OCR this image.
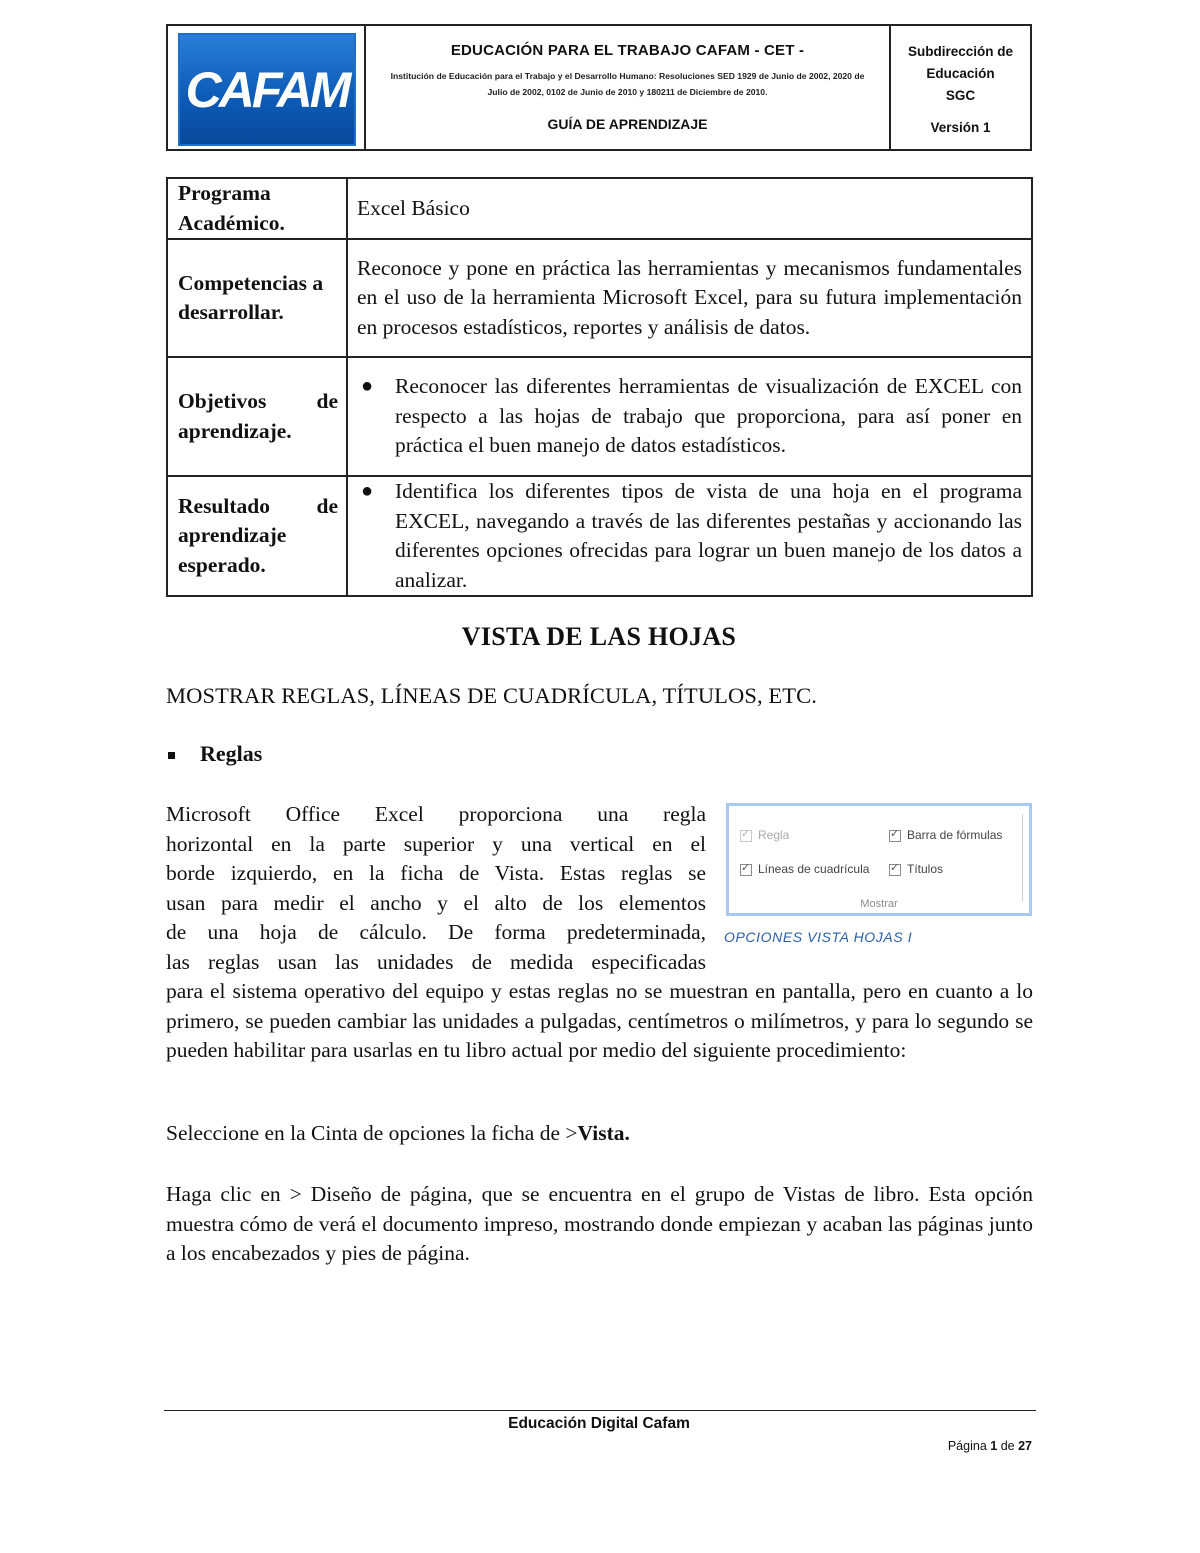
CAFAM
EDUCACIÓN PARA EL TRABAJO CAFAM - CET -
Institución de Educación para el Trabajo y el Desarrollo Humano: Resoluciones SED 1929 de Junio de 2002, 2020 de Julio de 2002, 0102 de Junio de 2010 y 180211 de Diciembre de 2010.
GUÍA DE APRENDIZAJE
Subdirección de
Educación
SGC
Versión 1
Programa Académico.	Excel Básico
Competencias a desarrollar.	Reconoce y pone en práctica las herramientas y mecanismos fundamentales en el uso de la herramienta Microsoft Excel, para su futura implementación en procesos estadísticos, reportes y análisis de datos.
Objetivos de aprendizaje.	● Reconocer las diferentes herramientas de visualización de EXCEL con respecto a las hojas de trabajo que proporciona, para así poner en práctica el buen manejo de datos estadísticos.

Resultado de aprendizaje esperado.	● Identifica los diferentes tipos de vista de una hoja en el programa EXCEL, navegando a través de las diferentes pestañas y accionando las diferentes opciones ofrecidas para lograr un buen manejo de los datos a analizar.
VISTA DE LAS HOJAS
MOSTRAR REGLAS, LÍNEAS DE CUADRÍCULA, TÍTULOS, ETC.
Reglas
Microsoft Office Excel proporciona una regla
horizontal en la parte superior y una vertical en el
borde izquierdo, en la ficha de Vista. Estas reglas se
usan para medir el ancho y el alto de los elementos
de una hoja de cálculo. De forma predeterminada,
las reglas usan las unidades de medida especificadas
para el sistema operativo del equipo y estas reglas no se muestran en pantalla, pero en cuanto a lo primero, se pueden cambiar las unidades a pulgadas, centímetros o milímetros, y para lo segundo se pueden habilitar para usarlas en tu libro actual por medio del siguiente procedimiento:
✓
Regla ✓	Barra de fórmulas
✓
Líneas de cuadrícula ✓	Títulos
Mostrar
OPCIONES VISTA HOJAS I
Seleccione en la Cinta de opciones la ficha de >Vista.
Haga clic en > Diseño de página, que se encuentra en el grupo de Vistas de libro. Esta opción muestra cómo de verá el documento impreso, mostrando donde empiezan y acaban las páginas junto a los encabezados y pies de página.
Educación Digital Cafam
Página 1 de 27
